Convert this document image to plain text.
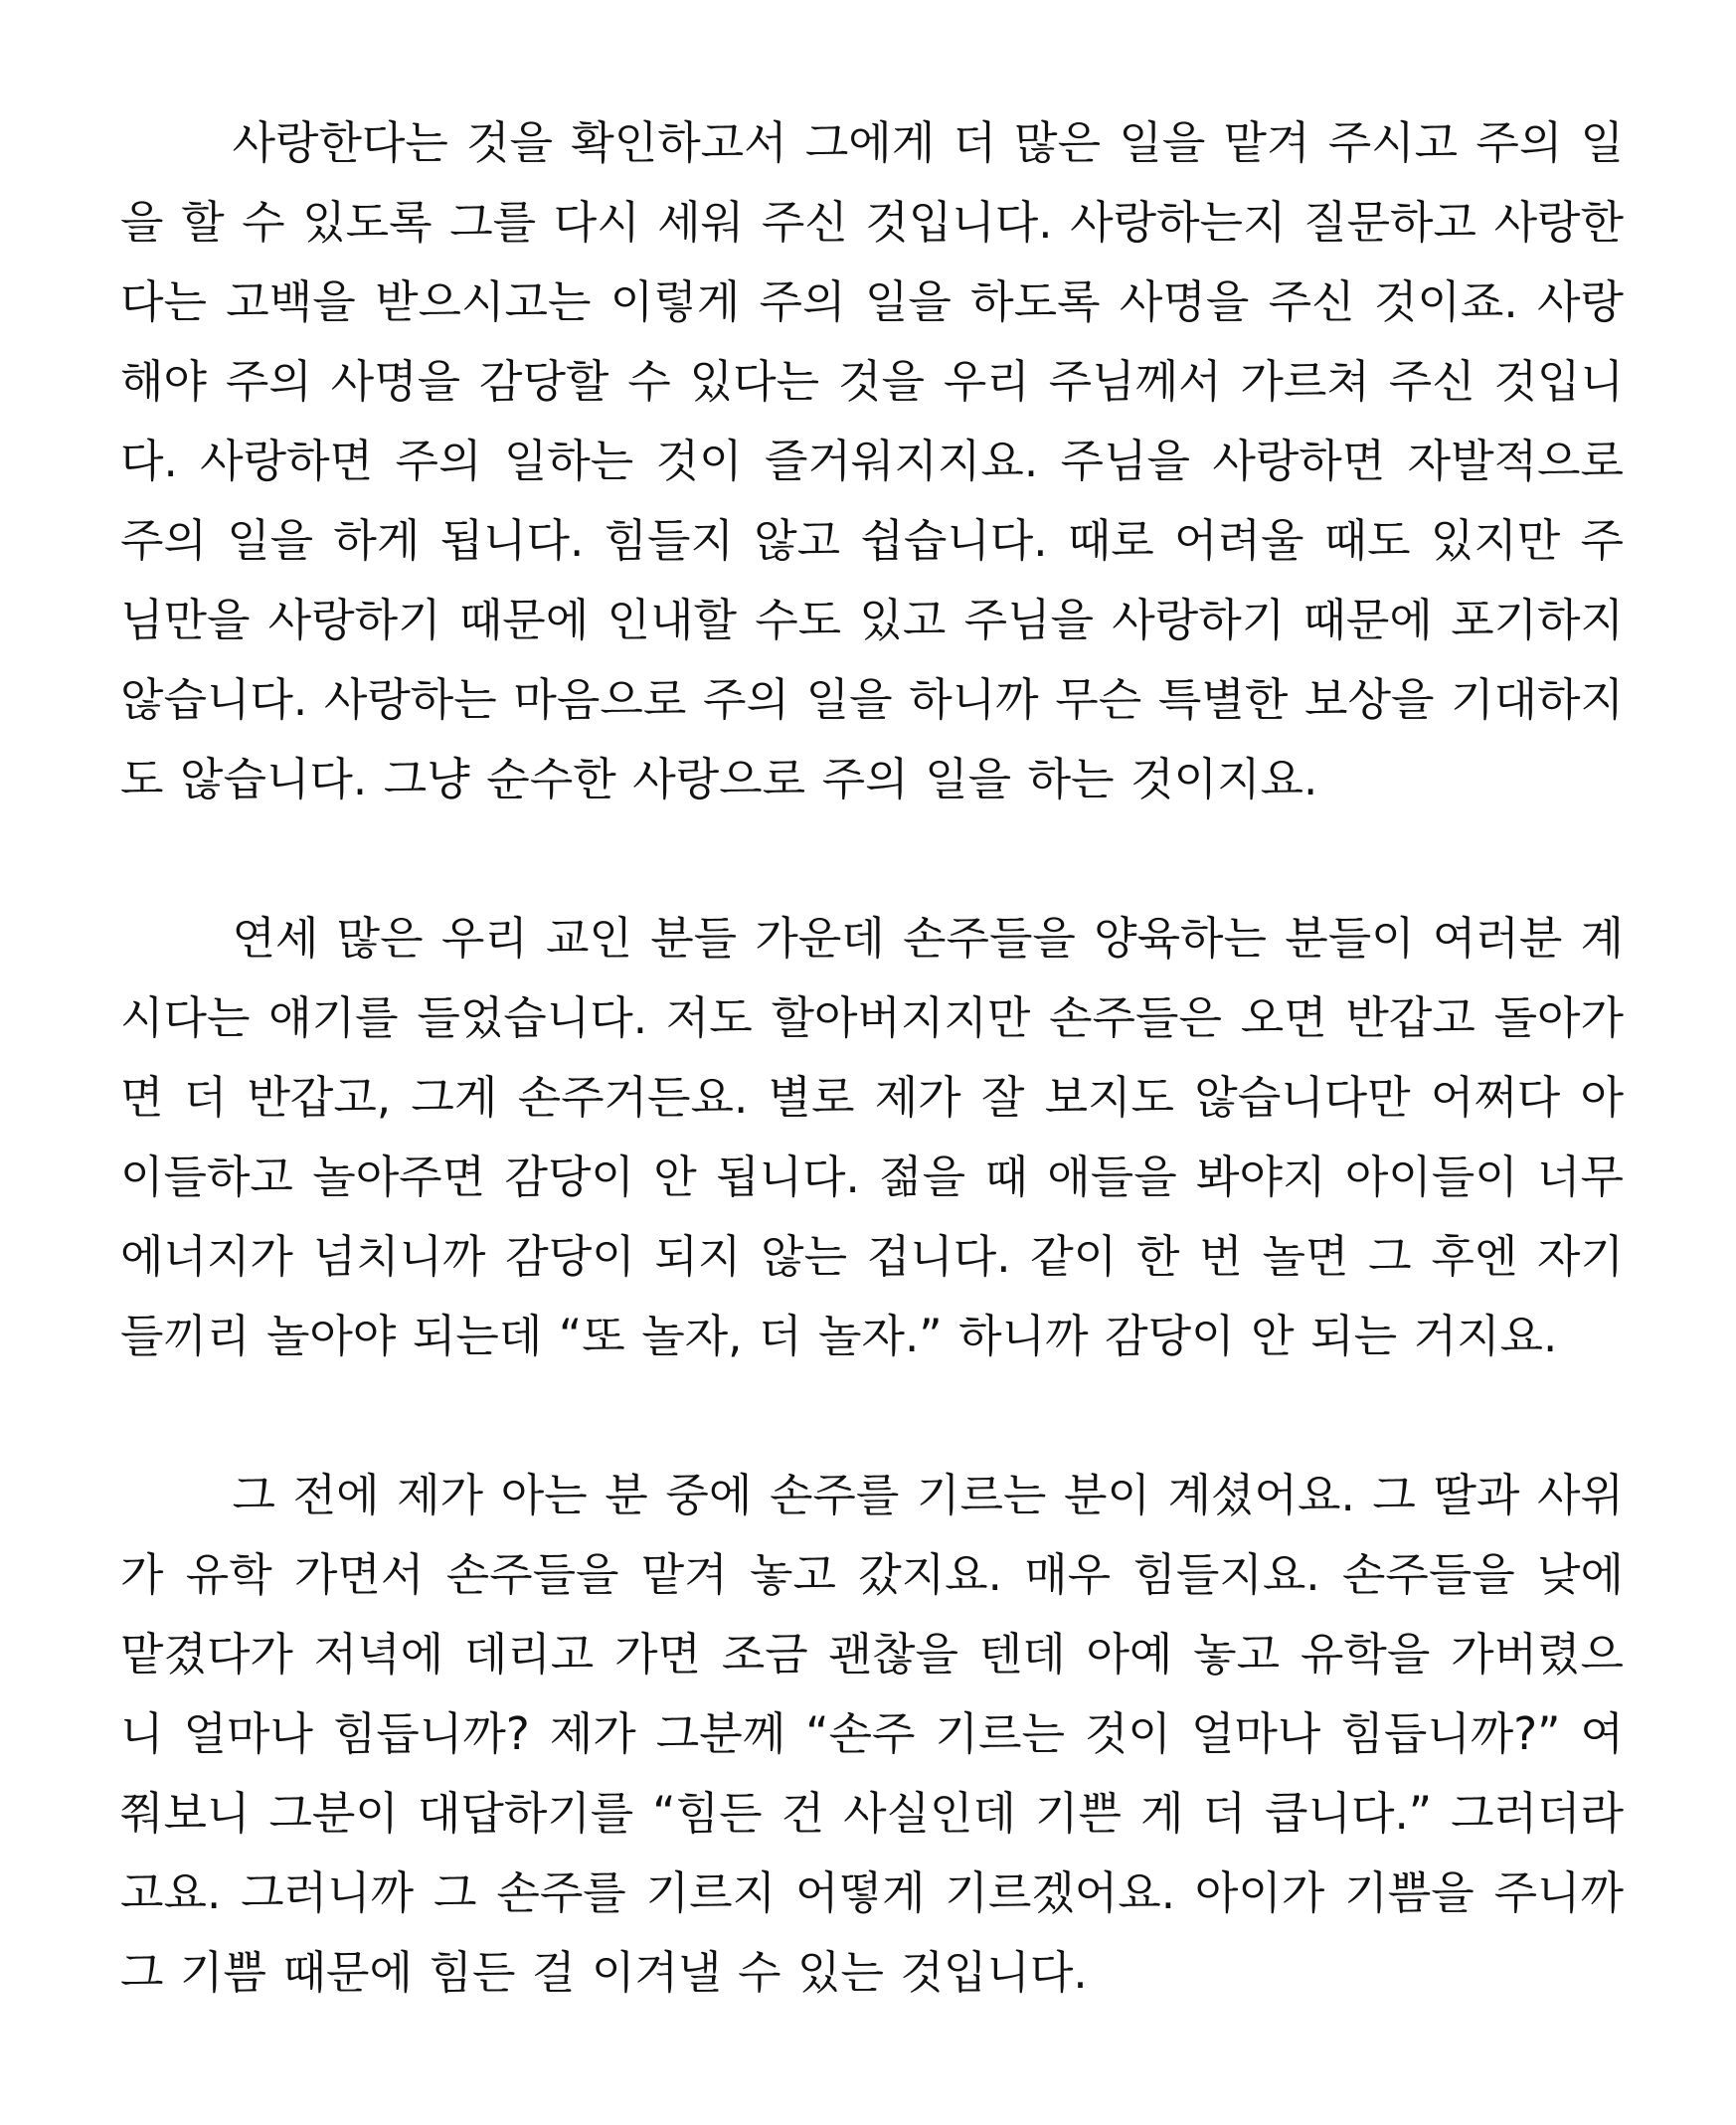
사랑한다는 것을 확인하고서 그에게 더 많은 일을 맡겨 주시고 주의 일을 할 수 있도록 그를 다시 세워 주신 것입니다. 사랑하는지 질문하고 사랑한다는 고백을 받으시고는 이렇게 주의 일을 하도록 사명을 주신 것이죠. 사랑해야 주의 사명을 감당할 수 있다는 것을 우리 주님께서 가르쳐 주신 것입니다. 사랑하면 주의 일하는 것이 즐거워지지요. 주님을 사랑하면 자발적으로 주의 일을 하게 됩니다. 힘들지 않고 쉽습니다. 때로 어려울 때도 있지만 주님만을 사랑하기 때문에 인내할 수도 있고 주님을 사랑하기 때문에 포기하지 않습니다. 사랑하는 마음으로 주의 일을 하니까 무슨 특별한 보상을 기대하지도 않습니다. 그냥 순수한 사랑으로 주의 일을 하는 것이지요.

연세 많은 우리 교인 분들 가운데 손주들을 양육하는 분들이 여러분 계시다는 얘기를 들었습니다. 저도 할아버지지만 손주들은 오면 반갑고 돌아가면 더 반갑고, 그게 손주거든요. 별로 제가 잘 보지도 않습니다만 어쩌다 아이들하고 놀아주면 감당이 안 됩니다. 젊을 때 애들을 봐야지 아이들이 너무 에너지가 넘치니까 감당이 되지 않는 겁니다. 같이 한 번 놀면 그 후엔 자기들끼리 놀아야 되는데 “또 놀자, 더 놀자.” 하니까 감당이 안 되는 거지요.

그 전에 제가 아는 분 중에 손주를 기르는 분이 계셨어요. 그 딸과 사위가 유학 가면서 손주들을 맡겨 놓고 갔지요. 매우 힘들지요. 손주들을 낮에 맡겼다가 저녁에 데리고 가면 조금 괜찮을 텐데 아예 놓고 유학을 가버렸으니 얼마나 힘듭니까? 제가 그분께 “손주 기르는 것이 얼마나 힘듭니까?” 여쭤보니 그분이 대답하기를 “힘든 건 사실인데 기쁜 게 더 큽니다.” 그러더라고요. 그러니까 그 손주를 기르지 어떻게 기르겠어요. 아이가 기쁨을 주니까 그 기쁨 때문에 힘든 걸 이겨낼 수 있는 것입니다.
